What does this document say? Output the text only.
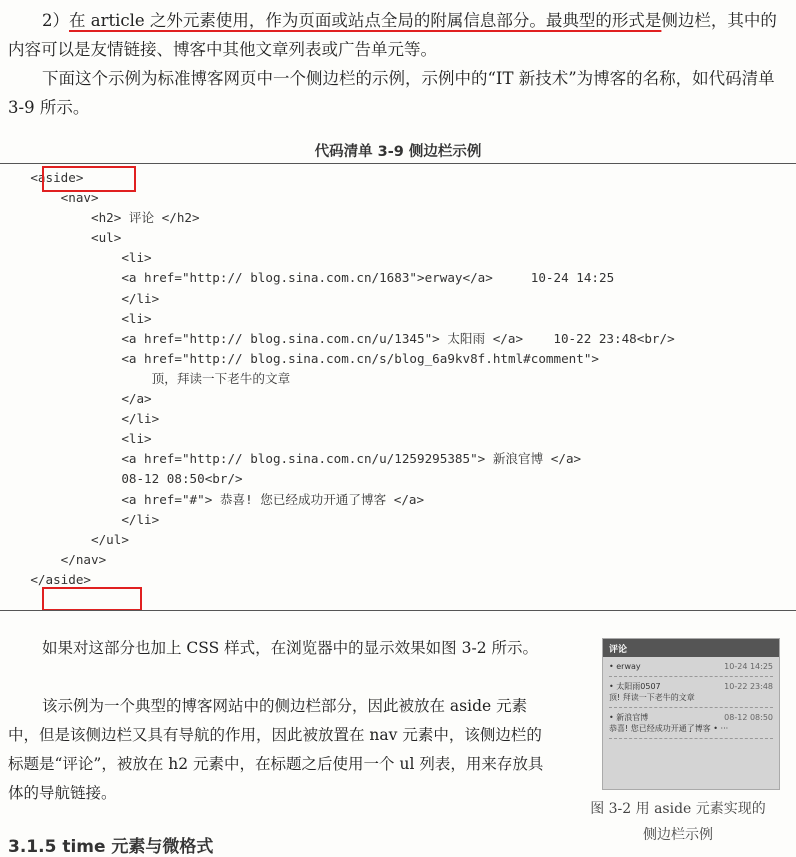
2）在 article 之外元素使用，作为页面或站点全局的附属信息部分。最典型的形式是侧边栏，其中的内容可以是友情链接、博客中其他文章列表或广告单元等。

下面这个示例为标准博客网页中一个侧边栏的示例，示例中的“IT 新技术”为博客的名称，如代码清单 3-9 所示。

代码清单 3-9 侧边栏示例
<aside>
<nav>
<h2> 评论 </h2>
<ul>
<li>
<a href="http:// blog.sina.com.cn/1683">erway</a>     10-24 14:25
</li>
<li>
<a href="http:// blog.sina.com.cn/u/1345"> 太阳雨 </a>    10-22 23:48<br/>
<a href="http:// blog.sina.com.cn/s/blog_6a9kv8f.html#comment">
顶，拜读一下老牛的文章
</a>
</li>
<li>
<a href="http:// blog.sina.com.cn/u/1259295385"> 新浪官博 </a>
08-12 08:50<br/>
<a href="#"> 恭喜! 您已经成功开通了博客 </a>
</li>
</ul>
</nav>
</aside>

如果对这部分也加上 CSS 样式，在浏览器中的显示效果如图 3-2 所示。

该示例为一个典型的博客网站中的侧边栏部分，因此被放在 aside 元素中，但是该侧边栏又具有导航的作用，因此被放置在 nav 元素中，该侧边栏的标题是“评论”，被放在 h2 元素中，在标题之后使用一个 ul 列表，用来存放具体的导航链接。

评论
• erway	10-24 14:25
• 太阳雨0507	10-22 23:48
顶! 拜读一下老牛的文章
• 新浪官博	08-12 08:50
恭喜! 您已经成功开通了博客 • ···
图 3-2 用 aside 元素实现的
侧边栏示例
3.1.5 time 元素与微格式
